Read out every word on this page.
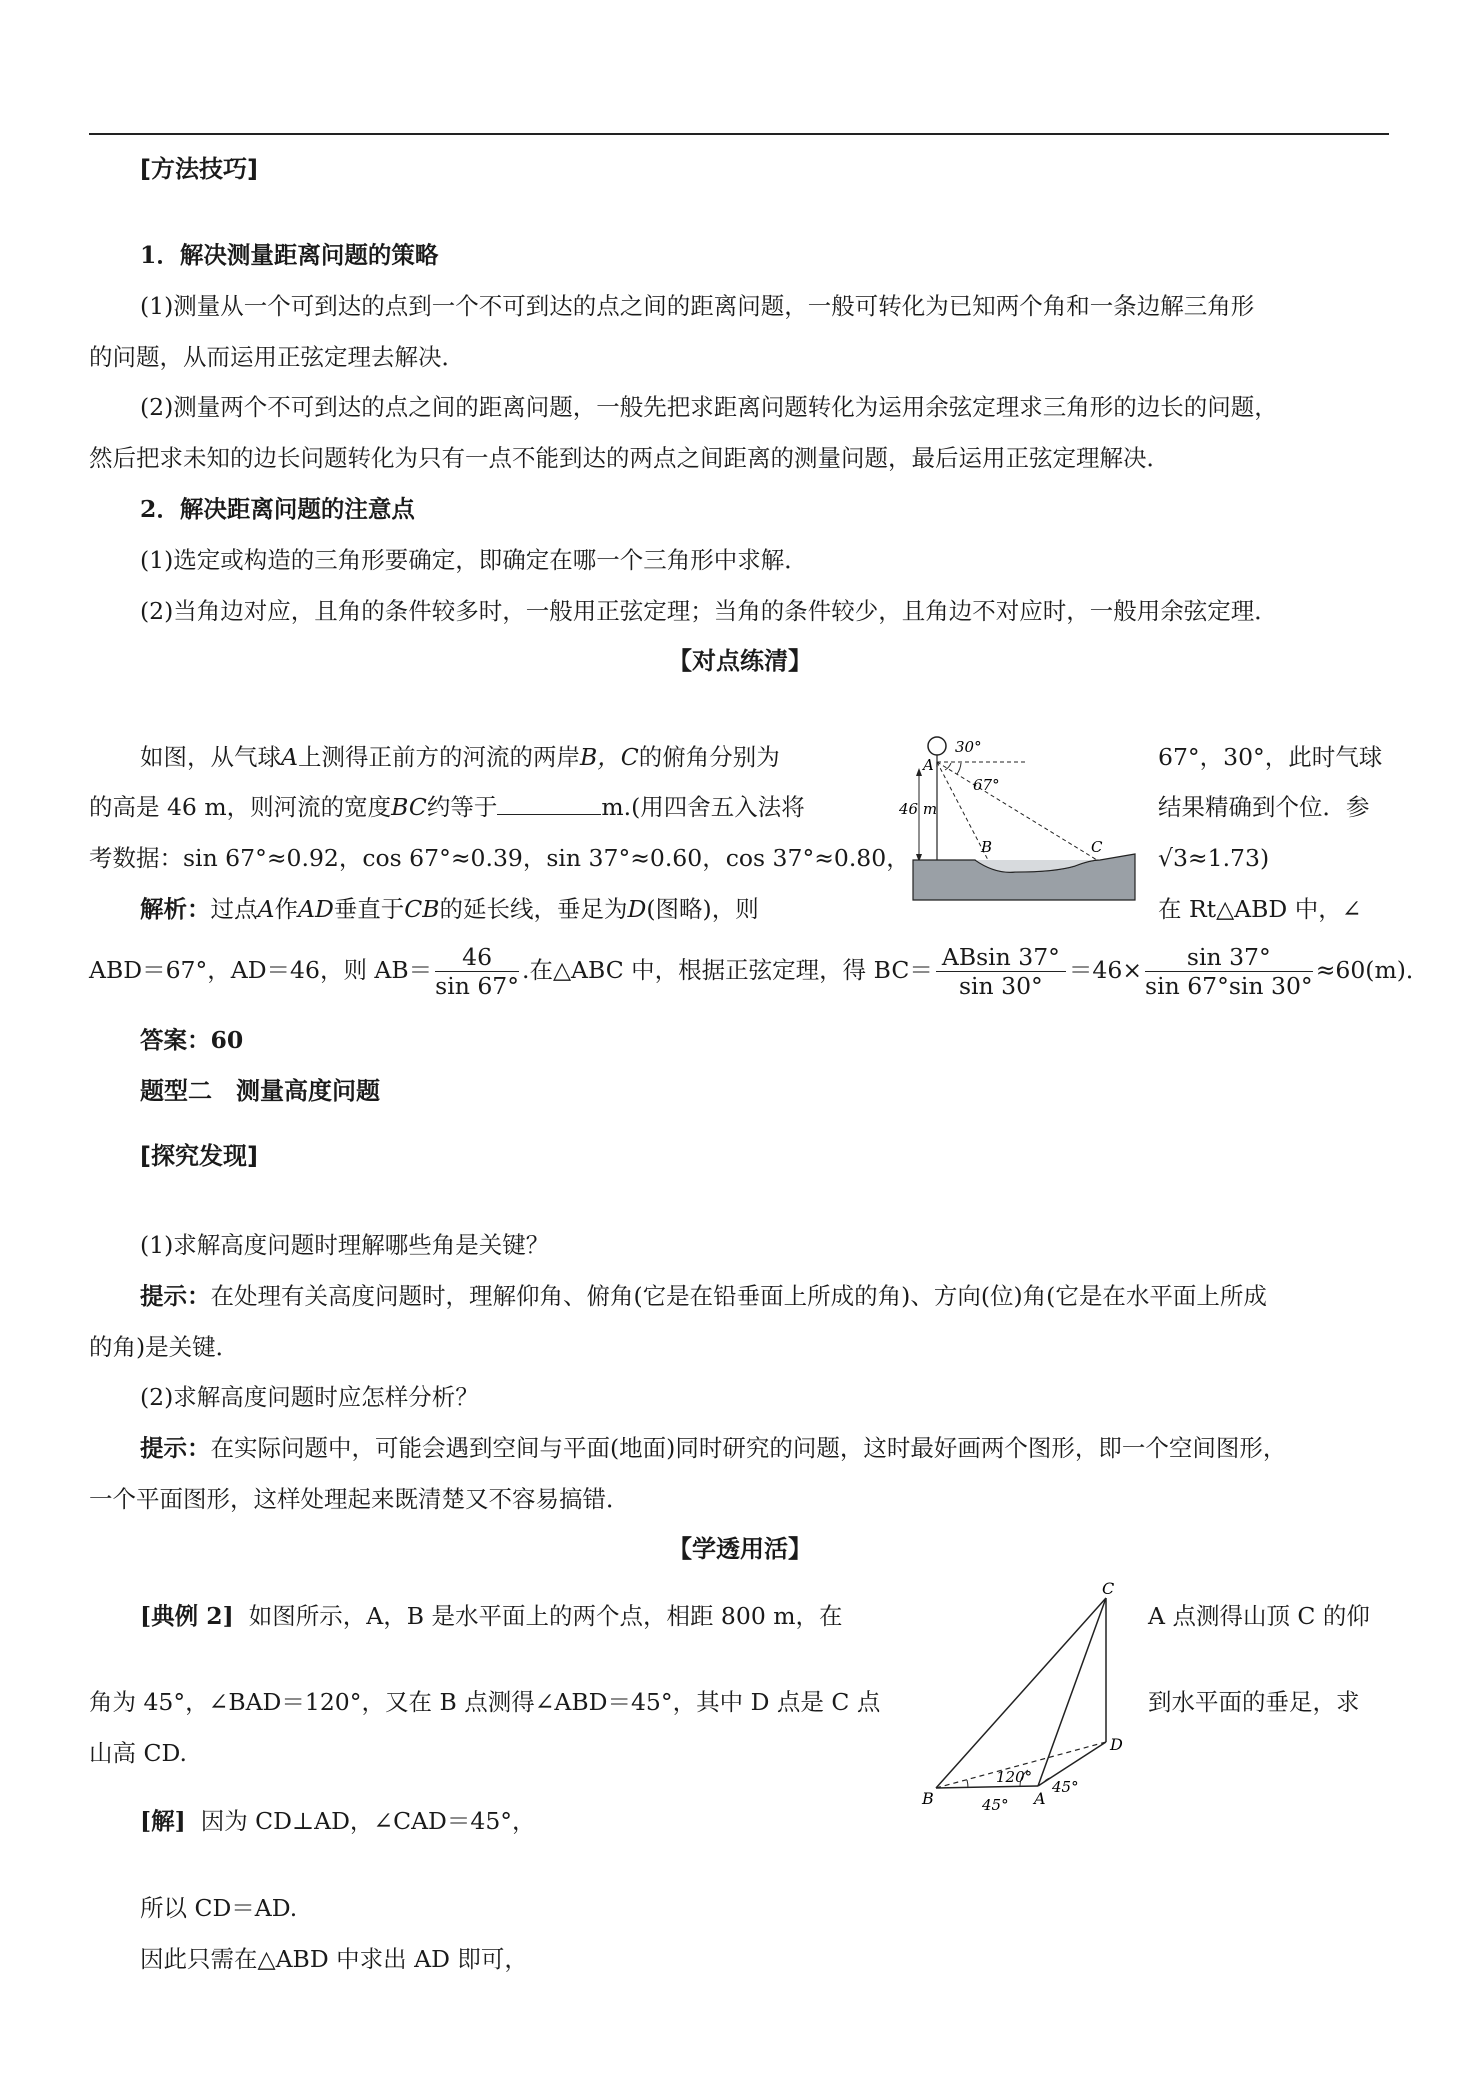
[方法技巧]
1．解决测量距离问题的策略
(1)测量从一个可到达的点到一个不可到达的点之间的距离问题，一般可转化为已知两个角和一条边解三角形
的问题，从而运用正弦定理去解决．
(2)测量两个不可到达的点之间的距离问题，一般先把求距离问题转化为运用余弦定理求三角形的边长的问题，
然后把求未知的边长问题转化为只有一点不能到达的两点之间距离的测量问题，最后运用正弦定理解决．
2．解决距离问题的注意点
(1)选定或构造的三角形要确定，即确定在哪一个三角形中求解．
(2)当角边对应，且角的条件较多时，一般用正弦定理；当角的条件较少，且角边不对应时，一般用余弦定理．
【对点练清】
如图，从气球A上测得正前方的河流的两岸B，C的俯角分别为	67°，30°，此时气球
的高是 46 m，则河流的宽度BC约等于	m.(用四舍五入法将	结果精确到个位．参
考数据：sin 67°≈0.92，cos 67°≈0.39，sin 37°≈0.60，cos 37°≈0.80，	√3≈1.73)
解析：过点A作AD垂直于CB的延长线，垂足为D(图略)，则	在 Rt△ABD 中，∠
ABD＝67°，AD＝46，则 $AB= \frac{46}{\sin 67^\circ}$ .在△ABC 中，根据正弦定理，得 $BC= \frac{ABsin 37^\circ}{\sin 30^\circ} =46\times \frac{\sin 37^\circ}{\sin 67^\circ\sin 30^\circ} \approx 60(m)$．
答案：60
A
30°
67°
46 m
B	C
题型二　测量高度问题
[探究发现]
(1)求解高度问题时理解哪些角是关键？
提示：在处理有关高度问题时，理解仰角、俯角(它是在铅垂面上所成的角)、方向(位)角(它是在水平面上所成
的角)是关键．
(2)求解高度问题时应怎样分析？
提示：在实际问题中，可能会遇到空间与平面(地面)同时研究的问题，这时最好画两个图形，即一个空间图形，
一个平面图形，这样处理起来既清楚又不容易搞错．
【学透用活】
[典例 2] 如图所示，A，B 是水平面上的两个点，相距 800 m，在	A 点测得山顶 C 的仰
角为 45°，∠BAD＝120°，又在 B 点测得∠ABD＝45°，其中 D 点是 C 点	到水平面的垂足，求
山高 CD.
[解] 因为 CD⊥AD，∠CAD＝45°，
所以 CD＝AD.
因此只需在△ABD 中求出 AD 即可，
C
D
B	A
120°
45°
45°
